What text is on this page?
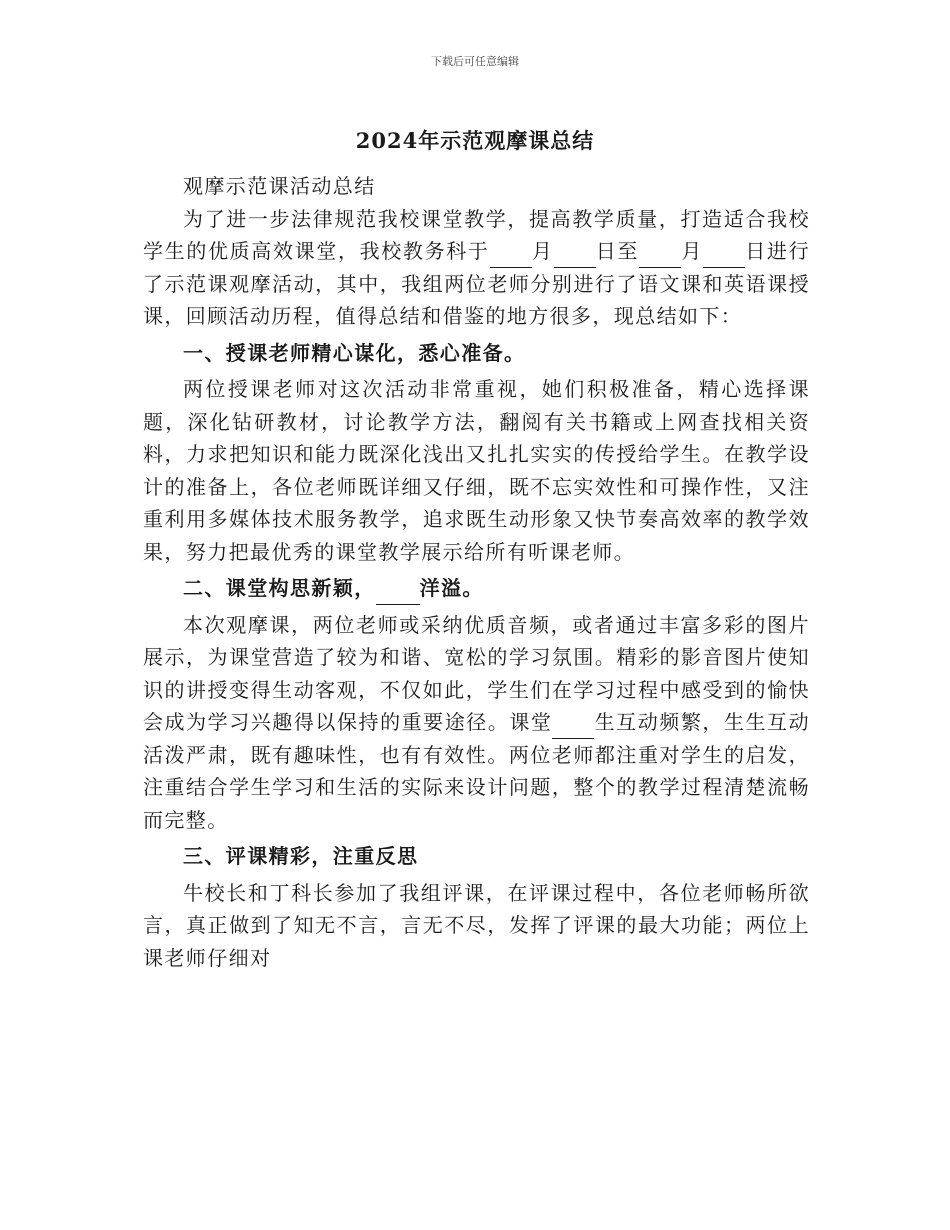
下载后可任意编辑
2024年示范观摩课总结

观摩示范课活动总结

为了进一步法律规范我校课堂教学，提高教学质量，打造适合我校学生的优质高效课堂，我校教务科于 月 日至 月 日进行了示范课观摩活动，其中，我组两位老师分别进行了语文课和英语课授课，回顾活动历程，值得总结和借鉴的地方很多，现总结如下：

一、授课老师精心谋化，悉心准备。

两位授课老师对这次活动非常重视，她们积极准备，精心选择课题，深化钻研教材，讨论教学方法，翻阅有关书籍或上网查找相关资料，力求把知识和能力既深化浅出又扎扎实实的传授给学生。在教学设计的准备上，各位老师既详细又仔细，既不忘实效性和可操作性，又注重利用多媒体技术服务教学，追求既生动形象又快节奏高效率的教学效果，努力把最优秀的课堂教学展示给所有听课老师。

二、课堂构思新颖， 洋溢。

本次观摩课，两位老师或采纳优质音频，或者通过丰富多彩的图片展示，为课堂营造了较为和谐、宽松的学习氛围。精彩的影音图片使知识的讲授变得生动客观，不仅如此，学生们在学习过程中感受到的愉快会成为学习兴趣得以保持的重要途径。课堂 生互动频繁，生生互动活泼严肃，既有趣味性，也有有效性。两位老师都注重对学生的启发，注重结合学生学习和生活的实际来设计问题，整个的教学过程清楚流畅而完整。

三、评课精彩，注重反思

牛校长和丁科长参加了我组评课，在评课过程中，各位老师畅所欲言，真正做到了知无不言，言无不尽，发挥了评课的最大功能；两位上课老师仔细对
